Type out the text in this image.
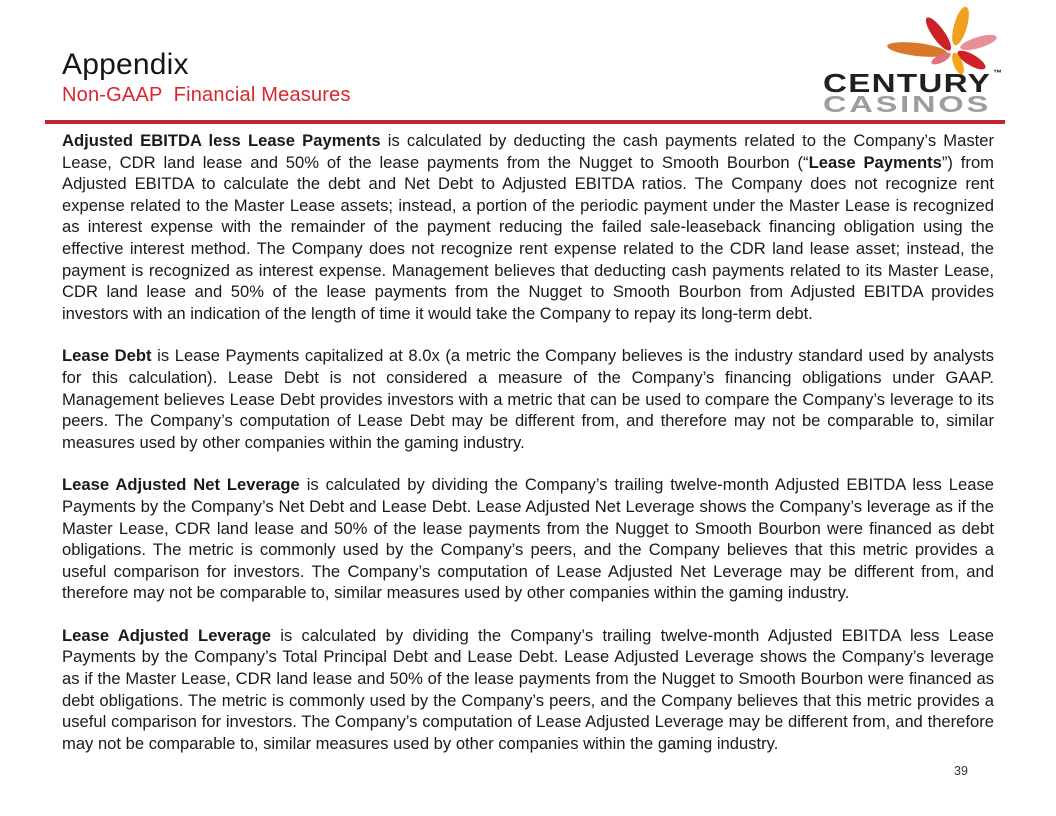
Appendix
Non-GAAP  Financial Measures	CENTURY ™
CASINOS

Adjusted EBITDA less Lease Payments is calculated by deducting the cash payments related to the Company’s Master Lease, CDR land lease and 50% of the lease payments from the Nugget to Smooth Bourbon (“Lease Payments”) from Adjusted EBITDA to calculate the debt and Net Debt to Adjusted EBITDA ratios. The Company does not recognize rent expense related to the Master Lease assets; instead, a portion of the periodic payment under the Master Lease is recognized as interest expense with the remainder of the payment reducing the failed sale-leaseback financing obligation using the effective interest method. The Company does not recognize rent expense related to the CDR land lease asset; instead, the payment is recognized as interest expense. Management believes that deducting cash payments related to its Master Lease, CDR land lease and 50% of the lease payments from the Nugget to Smooth Bourbon from Adjusted EBITDA provides investors with an indication of the length of time it would take the Company to repay its long-term debt.

Lease Debt is Lease Payments capitalized at 8.0x (a metric the Company believes is the industry standard used by analysts for this calculation). Lease Debt is not considered a measure of the Company’s financing obligations under GAAP. Management believes Lease Debt provides investors with a metric that can be used to compare the Company’s leverage to its peers. The Company’s computation of Lease Debt may be different from, and therefore may not be comparable to, similar measures used by other companies within the gaming industry.

Lease Adjusted Net Leverage is calculated by dividing the Company’s trailing twelve-month Adjusted EBITDA less Lease Payments by the Company’s Net Debt and Lease Debt. Lease Adjusted Net Leverage shows the Company’s leverage as if the Master Lease, CDR land lease and 50% of the lease payments from the Nugget to Smooth Bourbon were financed as debt obligations. The metric is commonly used by the Company’s peers, and the Company believes that this metric provides a useful comparison for investors. The Company’s computation of Lease Adjusted Net Leverage may be different from, and therefore may not be comparable to, similar measures used by other companies within the gaming industry.

Lease Adjusted Leverage is calculated by dividing the Company’s trailing twelve-month Adjusted EBITDA less Lease Payments by the Company’s Total Principal Debt and Lease Debt. Lease Adjusted Leverage shows the Company’s leverage as if the Master Lease, CDR land lease and 50% of the lease payments from the Nugget to Smooth Bourbon were financed as debt obligations. The metric is commonly used by the Company’s peers, and the Company believes that this metric provides a useful comparison for investors. The Company’s computation of Lease Adjusted Leverage may be different from, and therefore may not be comparable to, similar measures used by other companies within the gaming industry.

39
